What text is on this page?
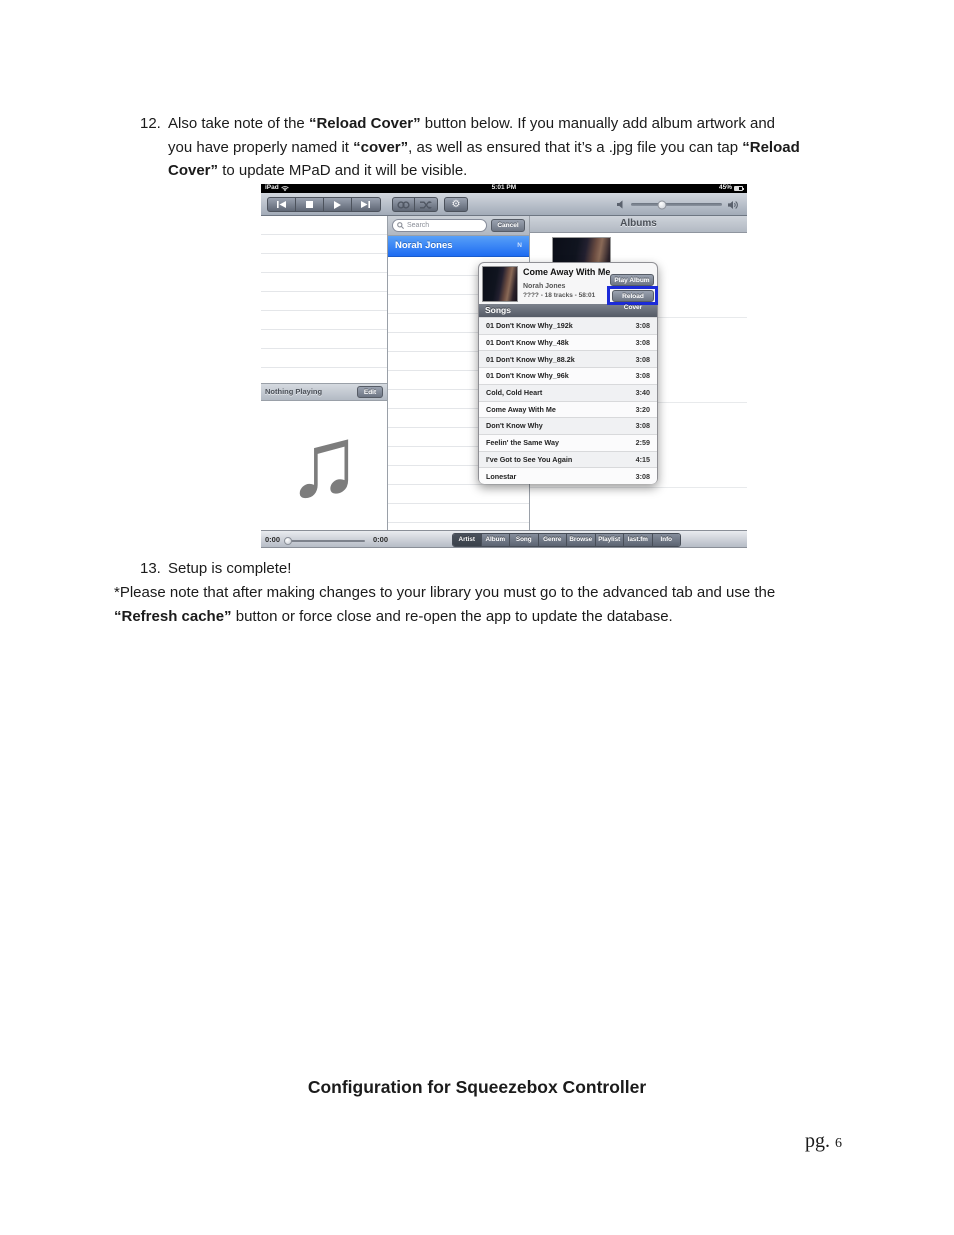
12. Also take note of the “Reload Cover” button below. If you manually add album artwork and
you have properly named it “cover”, as well as ensured that it’s a .jpg file you can tap “Reload
Cover” to update MPaD and it will be visible.

iPad	5:01 PM	45%
⚙
Nothing Playing	Edit
♫
Search	Cancel
Norah Jones	N
Albums
Come Away With Me
Norah Jones
???? - 18 tracks - 58:01
Play Album
Reload Cover
Songs
01 Don't Know Why_192k	3:08
01 Don't Know Why_48k	3:08
01 Don't Know Why_88.2k	3:08
01 Don't Know Why_96k	3:08
Cold, Cold Heart	3:40
Come Away With Me	3:20
Don't Know Why	3:08
Feelin' the Same Way	2:59
I've Got to See You Again	4:15
Lonestar	3:08
0:00	0:00	Artist	Album	Song	Genre	Browse Playlist	last.fm	Info
13. Setup is complete!

*Please note that after making changes to your library you must go to the advanced tab and use the
“Refresh cache” button or force close and re-open the app to update the database.

Configuration for Squeezebox Controller
pg. 6
